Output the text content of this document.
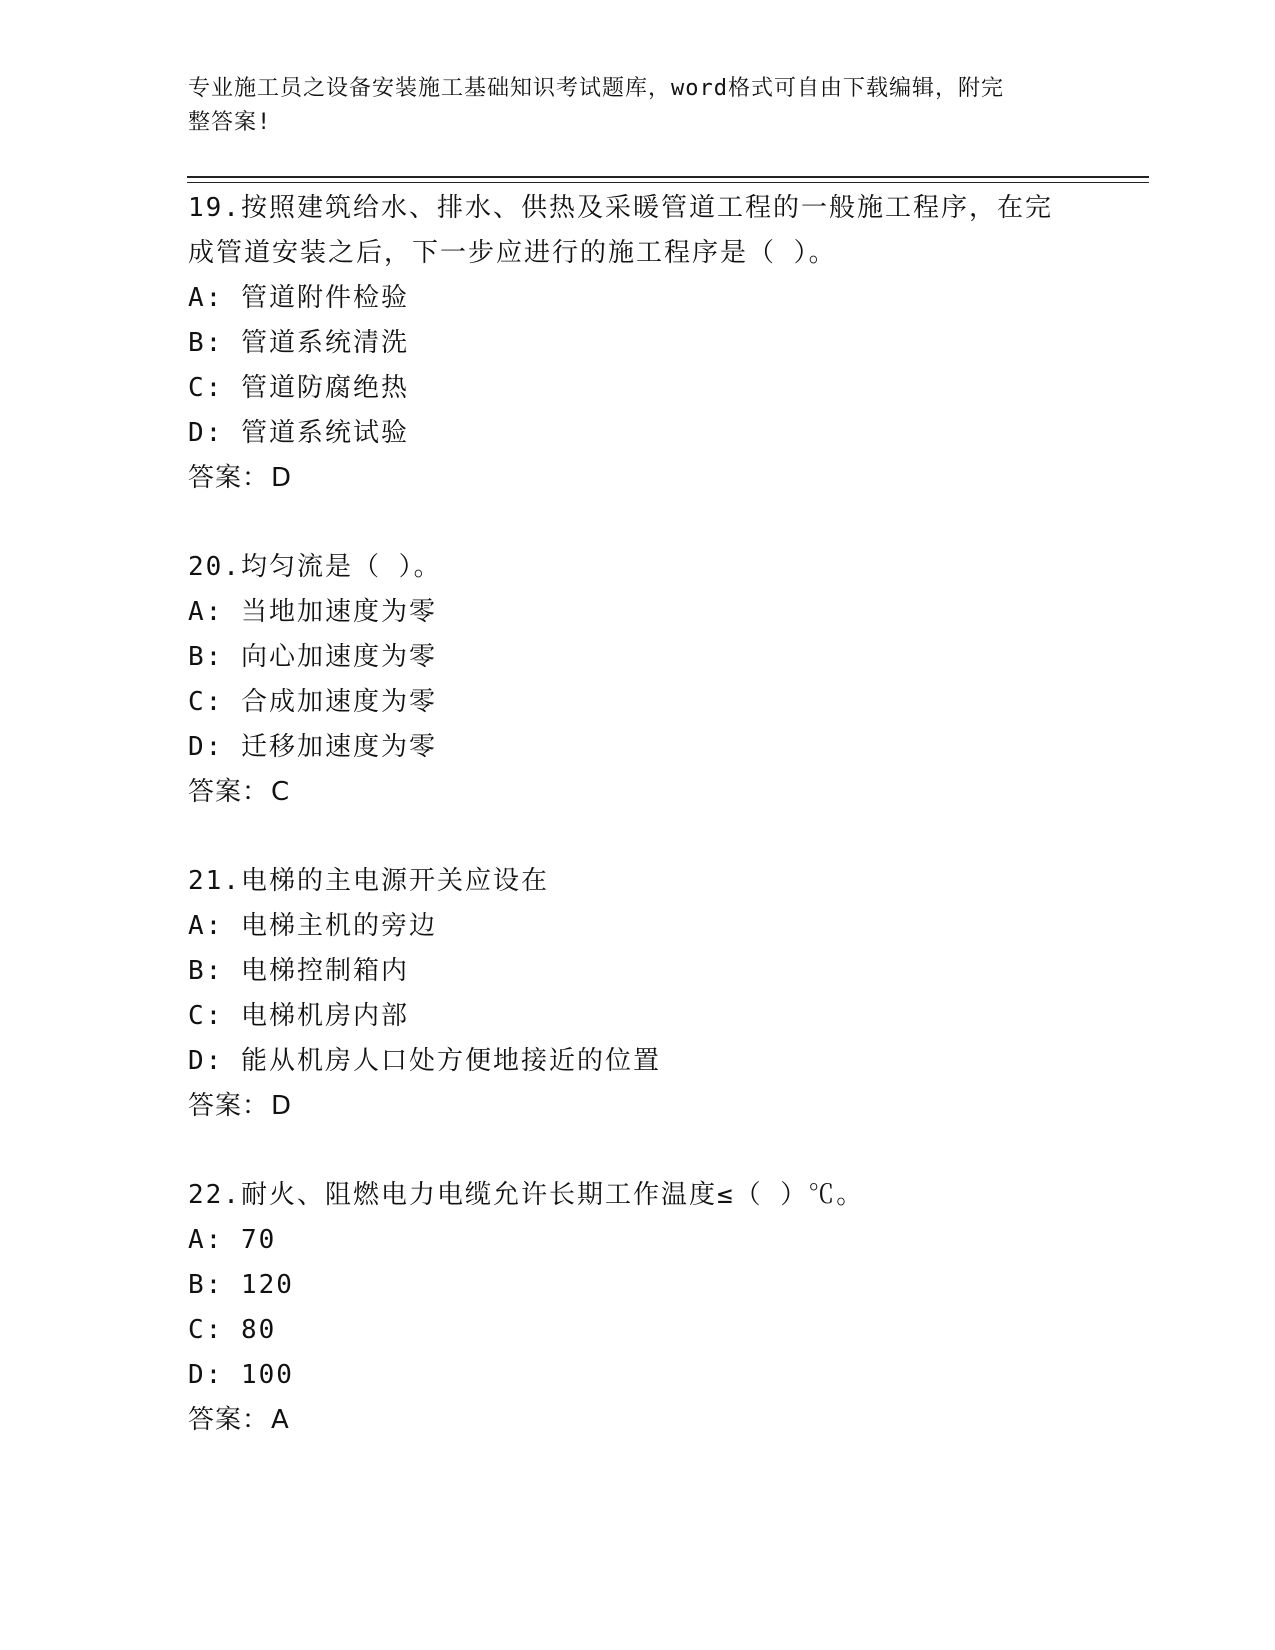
专业施工员之设备安装施工基础知识考试题库，word格式可自由下载编辑，附完
整答案!
19.按照建筑给水、排水、供热及采暖管道工程的一般施工程序，在完
成管道安装之后，下一步应进行的施工程序是（ ）。
A: 管道附件检验
B: 管道系统清洗
C: 管道防腐绝热
D: 管道系统试验
答案：D
20.均匀流是（ ）。
A: 当地加速度为零
B: 向心加速度为零
C: 合成加速度为零
D: 迁移加速度为零
答案：C
21.电梯的主电源开关应设在
A: 电梯主机的旁边
B: 电梯控制箱内
C: 电梯机房内部
D: 能从机房人口处方便地接近的位置
答案：D
22.耐火、阻燃电力电缆允许长期工作温度≤（ ）℃。
A: 70
B: 120
C: 80
D: 100
答案：A
